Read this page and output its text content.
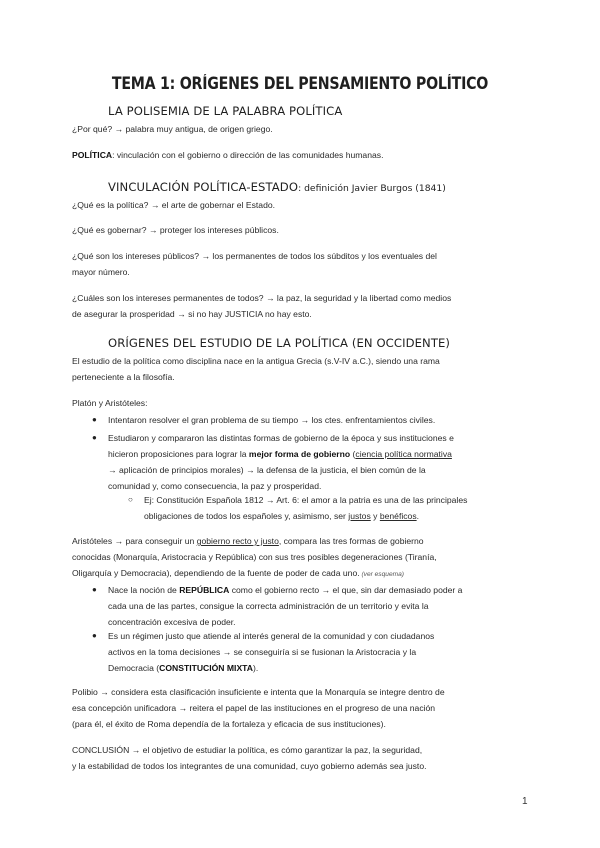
TEMA 1: ORÍGENES DEL PENSAMIENTO POLÍTICO
LA POLISEMIA DE LA PALABRA POLÍTICA
¿Por qué? → palabra muy antigua, de origen griego.
POLÍTICA: vinculación con el gobierno o dirección de las comunidades humanas.
VINCULACIÓN POLÍTICA-ESTADO: definición Javier Burgos (1841)
¿Qué es la política? → el arte de gobernar el Estado.
¿Qué es gobernar? → proteger los intereses públicos.
¿Qué son los intereses públicos? → los permanentes de todos los súbditos y los eventuales del
mayor número.
¿Cuáles son los intereses permanentes de todos? → la paz, la seguridad y la libertad como medios
de asegurar la prosperidad → si no hay JUSTICIA no hay esto.
ORÍGENES DEL ESTUDIO DE LA POLÍTICA (EN OCCIDENTE)
El estudio de la política como disciplina nace en la antigua Grecia (s.V-IV a.C.), siendo una rama
perteneciente a la filosofía.
Platón y Aristóteles:
● Intentaron resolver el gran problema de su tiempo → los ctes. enfrentamientos civiles.
● Estudiaron y compararon las distintas formas de gobierno de la época y sus instituciones e
hicieron proposiciones para lograr la mejor forma de gobierno (ciencia política normativa
→ aplicación de principios morales) → la defensa de la justicia, el bien común de la
comunidad y, como consecuencia, la paz y prosperidad.
○ Ej: Constitución Española 1812 → Art. 6: el amor a la patria es una de las principales
obligaciones de todos los españoles y, asimismo, ser justos y benéficos.
Aristóteles → para conseguir un gobierno recto y justo, compara las tres formas de gobierno
conocidas (Monarquía, Aristocracia y República) con sus tres posibles degeneraciones (Tiranía,
Oligarquía y Democracia), dependiendo de la fuente de poder de cada uno. (ver esquema)
● Nace la noción de REPÚBLICA como el gobierno recto → el que, sin dar demasiado poder a
cada una de las partes, consigue la correcta administración de un territorio y evita la
concentración excesiva de poder.
● Es un régimen justo que atiende al interés general de la comunidad y con ciudadanos
activos en la toma decisiones → se conseguiría si se fusionan la Aristocracia y la
Democracia (CONSTITUCIÓN MIXTA).
Polibio → considera esta clasificación insuficiente e intenta que la Monarquía se integre dentro de
esa concepción unificadora → reitera el papel de las instituciones en el progreso de una nación
(para él, el éxito de Roma dependía de la fortaleza y eficacia de sus instituciones).
CONCLUSIÓN → el objetivo de estudiar la política, es cómo garantizar la paz, la seguridad,
y la estabilidad de todos los integrantes de una comunidad, cuyo gobierno además sea justo.
1
